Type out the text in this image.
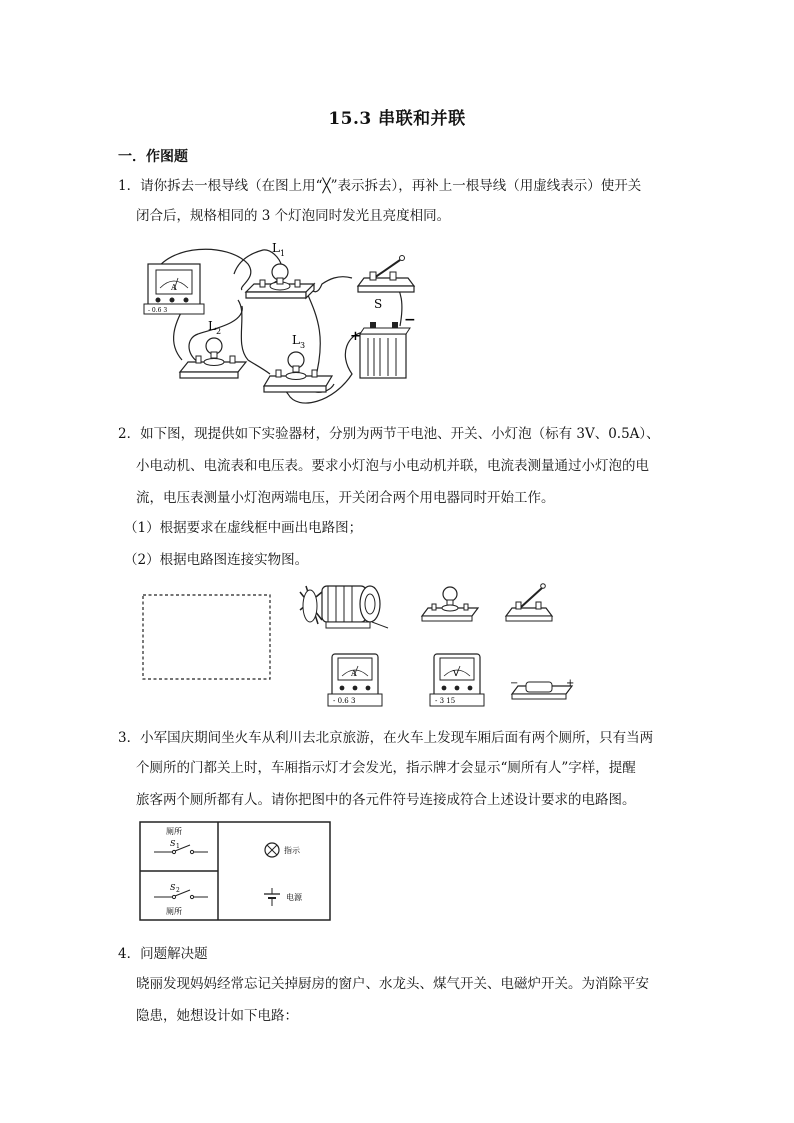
15.3 串联和并联
一．作图题
1．请你拆去一根导线（在图上用“╳”表示拆去），再补上一根导线（用虚线表示）使开关
闭合后，规格相同的 3 个灯泡同时发光且亮度相同。
A
- 0.6 3
L 1
S
+
−
L 2
L 3
2．如下图，现提供如下实验器材，分别为两节干电池、开关、小灯泡（标有 3V、0.5A）、
小电动机、电流表和电压表。要求小灯泡与小电动机并联，电流表测量通过小灯泡的电
流，电压表测量小灯泡两端电压，开关闭合两个用电器同时开始工作。
（1）根据要求在虚线框中画出电路图；
（2）根据电路图连接实物图。
A
- 0.6 3
V
- 3 15
−	+
3．小军国庆期间坐火车从利川去北京旅游，在火车上发现车厢后面有两个厕所，只有当两
个厕所的门都关上时，车厢指示灯才会发光，指示牌才会显示“厕所有人”字样，提醒
旅客两个厕所都有人。请你把图中的各元件符号连接成符合上述设计要求的电路图。
厕所
S 1
S 2
厕所
指示
电源
4．问题解决题
晓丽发现妈妈经常忘记关掉厨房的窗户、水龙头、煤气开关、电磁炉开关。为消除平安
隐患，她想设计如下电路：
